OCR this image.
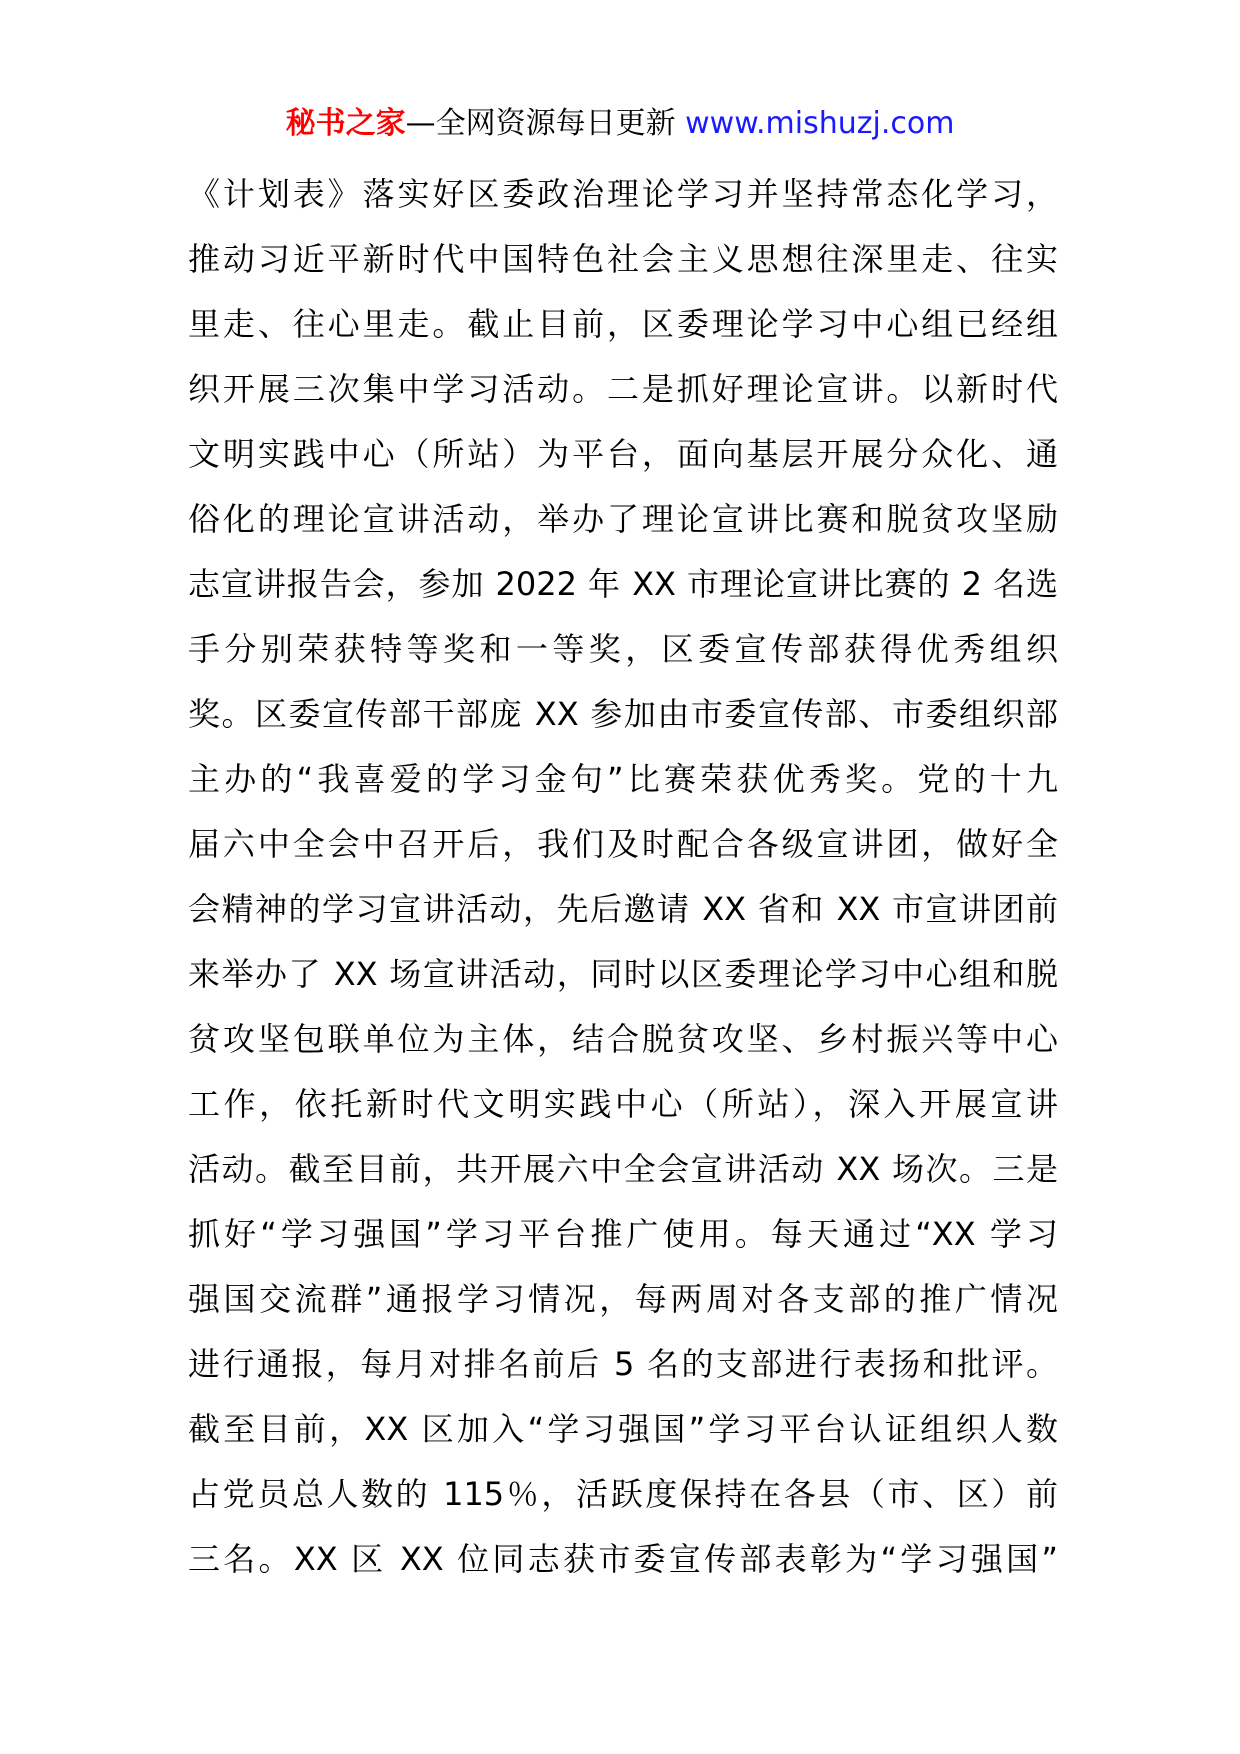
秘书之家—全网资源每日更新 www.mishuzj.com
《计划表》落实好区委政治理论学习并坚持常态化学习，
推动习近平新时代中国特色社会主义思想往深里走、往实
里走、往心里走。截止目前，区委理论学习中心组已经组
织开展三次集中学习活动。二是抓好理论宣讲。以新时代
文明实践中心（所站）为平台，面向基层开展分众化、通
俗化的理论宣讲活动，举办了理论宣讲比赛和脱贫攻坚励
志宣讲报告会，参加 2022 年 XX 市理论宣讲比赛的 2 名选
手分别荣获特等奖和一等奖，区委宣传部获得优秀组织
奖。区委宣传部干部庞 XX 参加由市委宣传部、市委组织部
主办的“我喜爱的学习金句”比赛荣获优秀奖。党的十九
届六中全会中召开后，我们及时配合各级宣讲团，做好全
会精神的学习宣讲活动，先后邀请 XX 省和 XX 市宣讲团前
来举办了 XX 场宣讲活动，同时以区委理论学习中心组和脱
贫攻坚包联单位为主体，结合脱贫攻坚、乡村振兴等中心
工作，依托新时代文明实践中心（所站），深入开展宣讲
活动。截至目前，共开展六中全会宣讲活动 XX 场次。三是
抓好“学习强国”学习平台推广使用。每天通过“XX 学习
强国交流群”通报学习情况，每两周对各支部的推广情况
进行通报，每月对排名前后 5 名的支部进行表扬和批评。
截至目前，XX 区加入“学习强国”学习平台认证组织人数
占党员总人数的 115％，活跃度保持在各县（市、区）前
三名。XX 区 XX 位同志获市委宣传部表彰为“学习强国”
